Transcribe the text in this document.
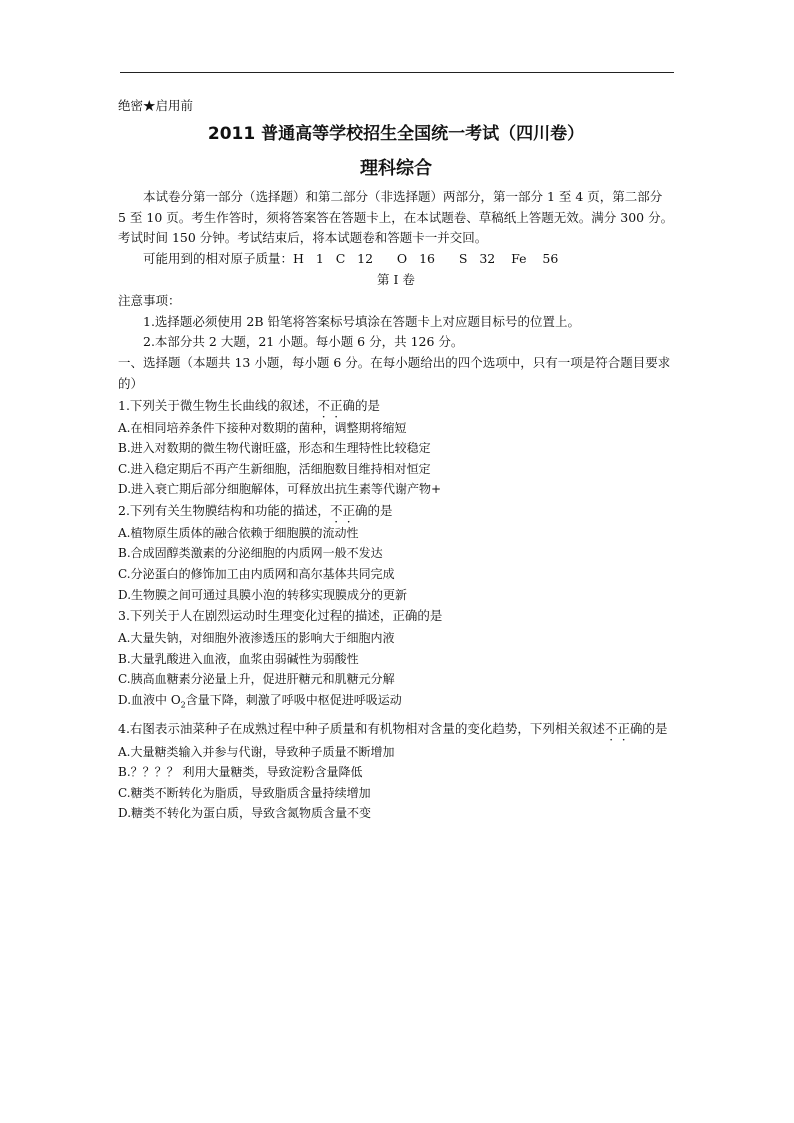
绝密★启用前
2011 普通高等学校招生全国统一考试（四川卷）
理科综合
本试卷分第一部分（选择题）和第二部分（非选择题）两部分，第一部分 1 至 4 页，第二部分 5 至 10 页。考生作答时，须将答案答在答题卡上，在本试题卷、草稿纸上答题无效。满分 300 分。考试时间 150 分钟。考试结束后，将本试题卷和答题卡一并交回。
可能用到的相对原子质量：H   1   C   12      O   16      S   32    Fe    56
第 I 卷
注意事项：
1.选择题必须使用 2B 铅笔将答案标号填涂在答题卡上对应题目标号的位置上。
2.本部分共 2 大题，21 小题。每小题 6 分，共 126 分。
一、选择题（本题共 13 小题，每小题 6 分。在每小题给出的四个选项中，只有一项是符合题目要求的）
1.下列关于微生物生长曲线的叙述，不正确的是
A.在相同培养条件下接种对数期的菌种，调整期将缩短
B.进入对数期的微生物代谢旺盛，形态和生理特性比较稳定
C.进入稳定期后不再产生新细胞，活细胞数目维持相对恒定
D.进入衰亡期后部分细胞解体，可释放出抗生素等代谢产物+
2.下列有关生物膜结构和功能的描述，不正确的是
A.植物原生质体的融合依赖于细胞膜的流动性
B.合成固醇类激素的分泌细胞的内质网一般不发达
C.分泌蛋白的修饰加工由内质网和高尔基体共同完成
D.生物膜之间可通过具膜小泡的转移实现膜成分的更新
3.下列关于人在剧烈运动时生理变化过程的描述，正确的是
A.大量失钠，对细胞外液渗透压的影响大于细胞内液
B.大量乳酸进入血液，血浆由弱碱性为弱酸性
C.胰高血糖素分泌量上升，促进肝糖元和肌糖元分解
D.血液中 $O_2$含量下降，刺激了呼吸中枢促进呼吸运动
4.右图表示油菜种子在成熟过程中种子质量和有机物相对含量的变化趋势，下列相关叙述不正确的是
A.大量糖类输入并参与代谢，导致种子质量不断增加
B.？？？？ 利用大量糖类，导致淀粉含量降低
C.糖类不断转化为脂质，导致脂质含量持续增加
D.糖类不转化为蛋白质，导致含氮物质含量不变
